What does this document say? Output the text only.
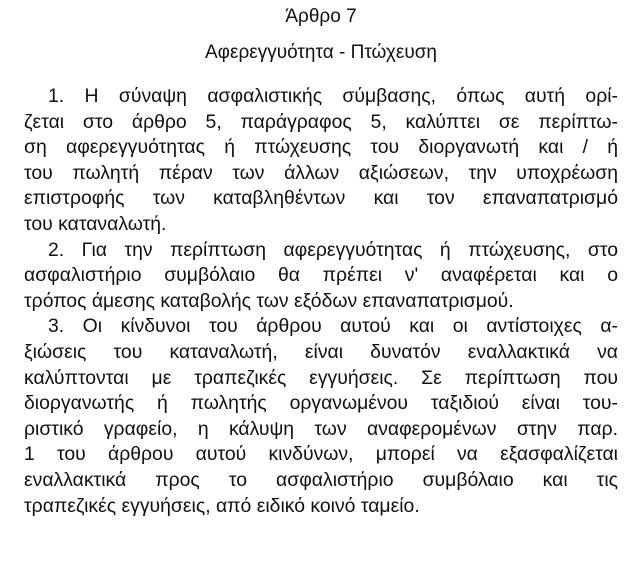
Άρθρο 7
Αφερεγγυότητα - Πτώχευση
1. Η σύναψη ασφαλιστικής σύμβασης, όπως αυτή ορί-
ζεται στο άρθρο 5, παράγραφος 5, καλύπτει σε περίπτω-
ση αφερεγγυότητας ή πτώχευσης του διοργανωτή και / ή
του πωλητή πέραν των άλλων αξιώσεων, την υποχρέωση
επιστροφής των καταβληθέντων και τον επαναπατρισμό
του καταναλωτή.
2. Για την περίπτωση αφερεγγυότητας ή πτώχευσης, στο
ασφαλιστήριο συμβόλαιο θα πρέπει ν' αναφέρεται και ο
τρόπος άμεσης καταβολής των εξόδων επαναπατρισμού.
3. Οι κίνδυνοι του άρθρου αυτού και οι αντίστοιχες α-
ξιώσεις του καταναλωτή, είναι δυνατόν εναλλακτικά να
καλύπτονται με τραπεζικές εγγυήσεις. Σε περίπτωση που
διοργανωτής ή πωλητής οργανωμένου ταξιδιού είναι του-
ριστικό γραφείο, η κάλυψη των αναφερομένων στην παρ.
1 του άρθρου αυτού κινδύνων, μπορεί να εξασφαλίζεται
εναλλακτικά προς το ασφαλιστήριο συμβόλαιο και τις
τραπεζικές εγγυήσεις, από ειδικό κοινό ταμείο.
